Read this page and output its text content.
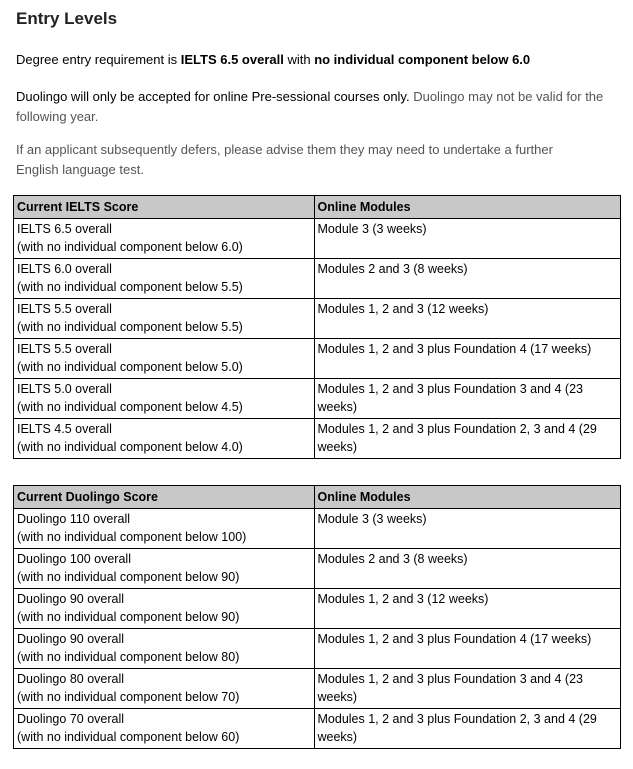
Entry Levels

Degree entry requirement is IELTS 6.5 overall with no individual component below 6.0

Duolingo will only be accepted for online Pre-sessional courses only. Duolingo may not be valid for the following year.

If an applicant subsequently defers, please advise them they may need to undertake a further English language test.

Current IELTS Score	Online Modules

IELTS 6.5 overall
(with no individual component below 6.0)	Module 3 (3 weeks)

IELTS 6.0 overall
(with no individual component below 5.5)	Modules 2 and 3 (8 weeks)

IELTS 5.5 overall
(with no individual component below 5.5)	Modules 1, 2 and 3 (12 weeks)

IELTS 5.5 overall
(with no individual component below 5.0)	Modules 1, 2 and 3 plus Foundation 4 (17 weeks)

IELTS 5.0 overall
(with no individual component below 4.5)	Modules 1, 2 and 3 plus Foundation 3 and 4 (23 weeks)

IELTS 4.5 overall
(with no individual component below 4.0)	Modules 1, 2 and 3 plus Foundation 2, 3 and 4 (29 weeks)
Current Duolingo Score	Online Modules

Duolingo 110 overall
(with no individual component below 100)	Module 3 (3 weeks)

Duolingo 100 overall
(with no individual component below 90)	Modules 2 and 3 (8 weeks)

Duolingo 90 overall
(with no individual component below 90)	Modules 1, 2 and 3 (12 weeks)

Duolingo 90 overall
(with no individual component below 80)	Modules 1, 2 and 3 plus Foundation 4 (17 weeks)

Duolingo 80 overall
(with no individual component below 70)	Modules 1, 2 and 3 plus Foundation 3 and 4 (23 weeks)

Duolingo 70 overall
(with no individual component below 60)	Modules 1, 2 and 3 plus Foundation 2, 3 and 4 (29 weeks)
